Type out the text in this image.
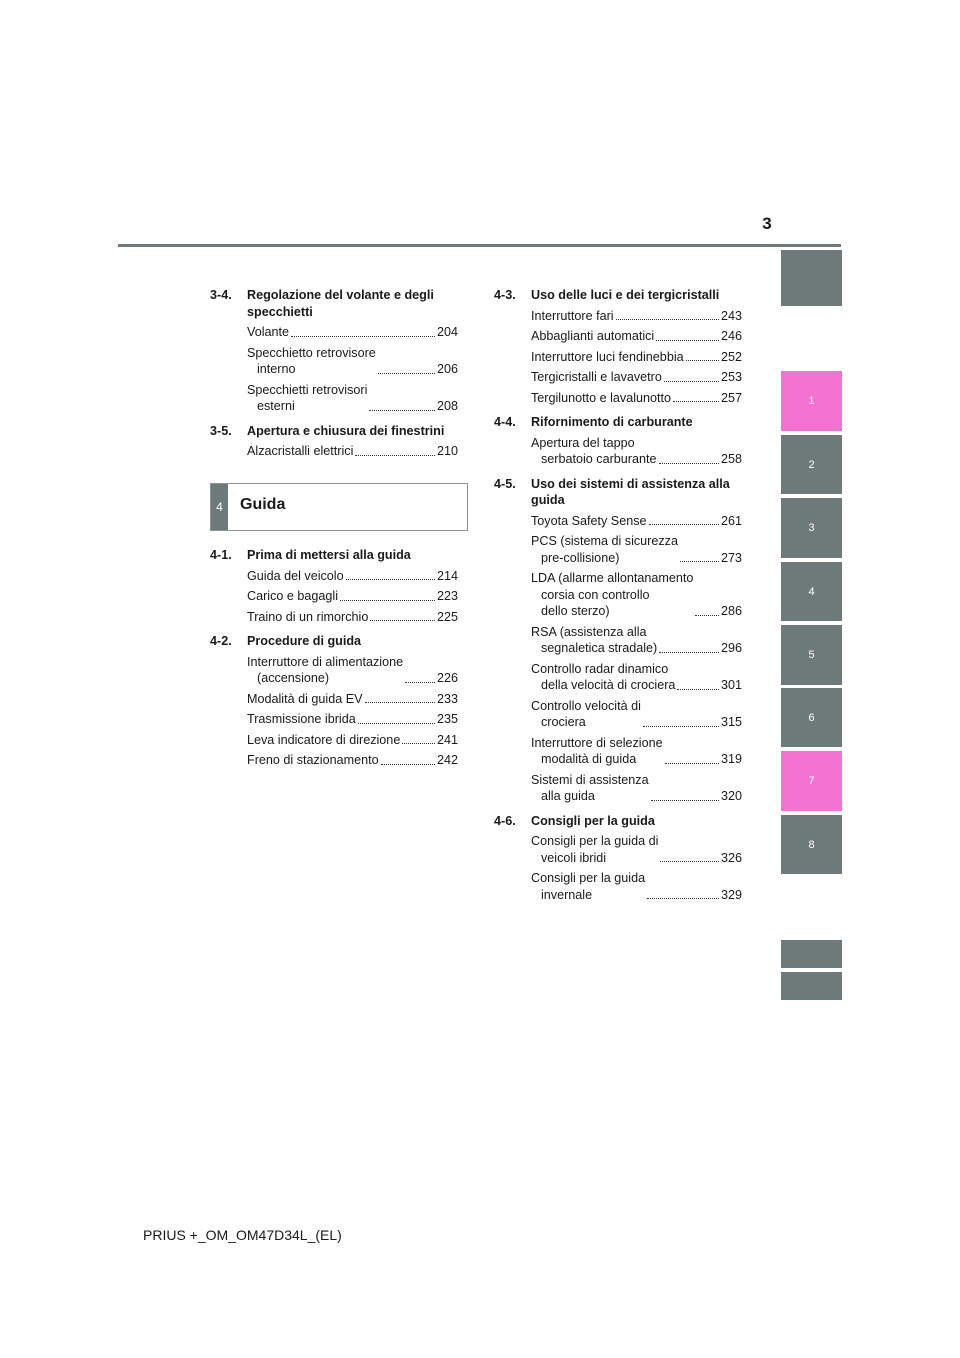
3
1
2
3
4
5
6
7
8
3-4.	Regolazione del volante e degli specchietti
Volante	204
Specchietto retrovisore
interno	206
Specchietti retrovisori
esterni	208
3-5.	Apertura e chiusura dei finestrini
Alzacristalli elettrici	210
4	Guida
4-1.	Prima di mettersi alla guida
Guida del veicolo	214
Carico e bagagli	223
Traino di un rimorchio	225
4-2.	Procedure di guida
Interruttore di alimentazione
(accensione)	226
Modalità di guida EV	233
Trasmissione ibrida	235
Leva indicatore di direzione	241
Freno di stazionamento	242
4-3.	Uso delle luci e dei tergicristalli
Interruttore fari	243
Abbaglianti automatici	246
Interruttore luci fendinebbia	252
Tergicristalli e lavavetro	253
Tergilunotto e lavalunotto	257
4-4.	Rifornimento di carburante
Apertura del tappo
serbatoio carburante	258
4-5.	Uso dei sistemi di assistenza alla guida
Toyota Safety Sense	261
PCS (sistema di sicurezza
pre-collisione)	273
LDA (allarme allontanamento
corsia con controllo
dello sterzo)	286
RSA (assistenza alla
segnaletica stradale)	296
Controllo radar dinamico
della velocità di crociera	301
Controllo velocità di
crociera	315
Interruttore di selezione
modalità di guida	319
Sistemi di assistenza
alla guida	320
4-6.	Consigli per la guida
Consigli per la guida di
veicoli ibridi	326
Consigli per la guida
invernale	329
PRIUS +_OM_OM47D34L_(EL)
